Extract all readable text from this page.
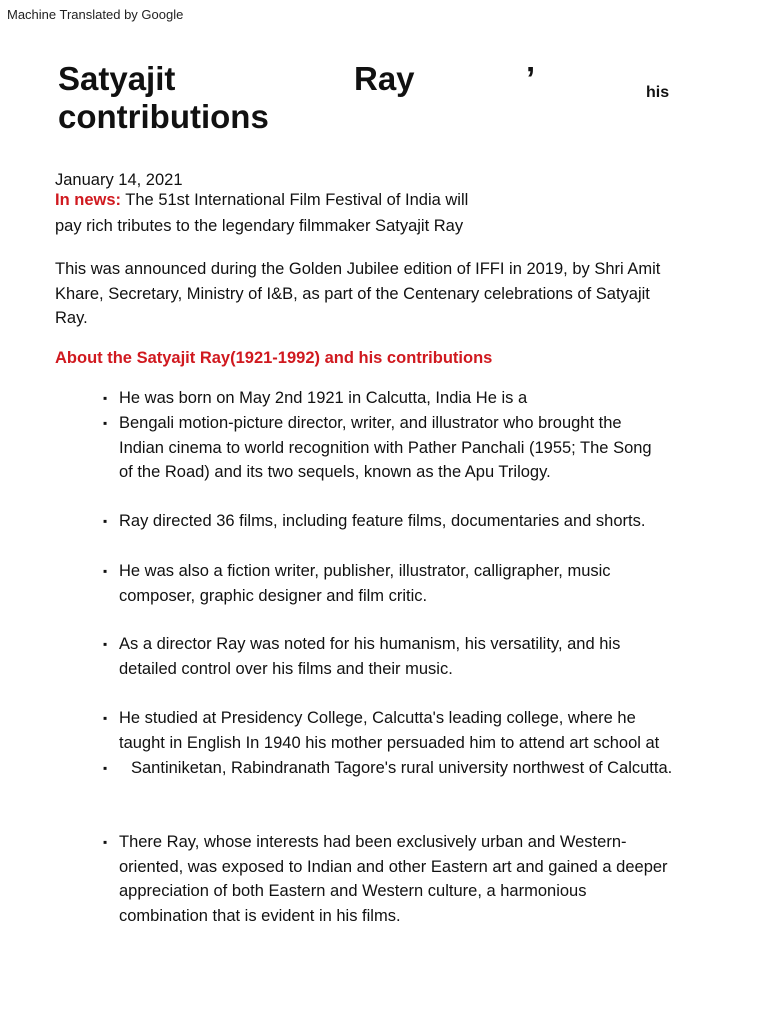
Machine Translated by Google
Satyajit	Ray	’	his
contributions
January 14, 2021
In news: The 51st International Film Festival of India will
pay rich tributes to the legendary filmmaker Satyajit Ray
This was announced during the Golden Jubilee edition of IFFI in 2019, by Shri Amit
Khare, Secretary, Ministry of I&B, as part of the Centenary celebrations of Satyajit
Ray.
About the Satyajit Ray(1921-1992) and his contributions
▪ He was born on May 2nd 1921 in Calcutta, India He is a
▪ Bengali motion-picture director, writer, and illustrator who brought the
Indian cinema to world recognition with Pather Panchali (1955; The Song
of the Road) and its two sequels, known as the Apu Trilogy.
▪ Ray directed 36 films, including feature films, documentaries and shorts.
▪ He was also a fiction writer, publisher, illustrator, calligrapher, music
composer, graphic designer and film critic.
▪ As a director Ray was noted for his humanism, his versatility, and his
detailed control over his films and their music.
▪ He studied at Presidency College, Calcutta's leading college, where he
taught in English In 1940 his mother persuaded him to attend art school at
▪ Santiniketan, Rabindranath Tagore's rural university northwest of Calcutta.
▪ There Ray, whose interests had been exclusively urban and Western-
oriented, was exposed to Indian and other Eastern art and gained a deeper
appreciation of both Eastern and Western culture, a harmonious
combination that is evident in his films.
